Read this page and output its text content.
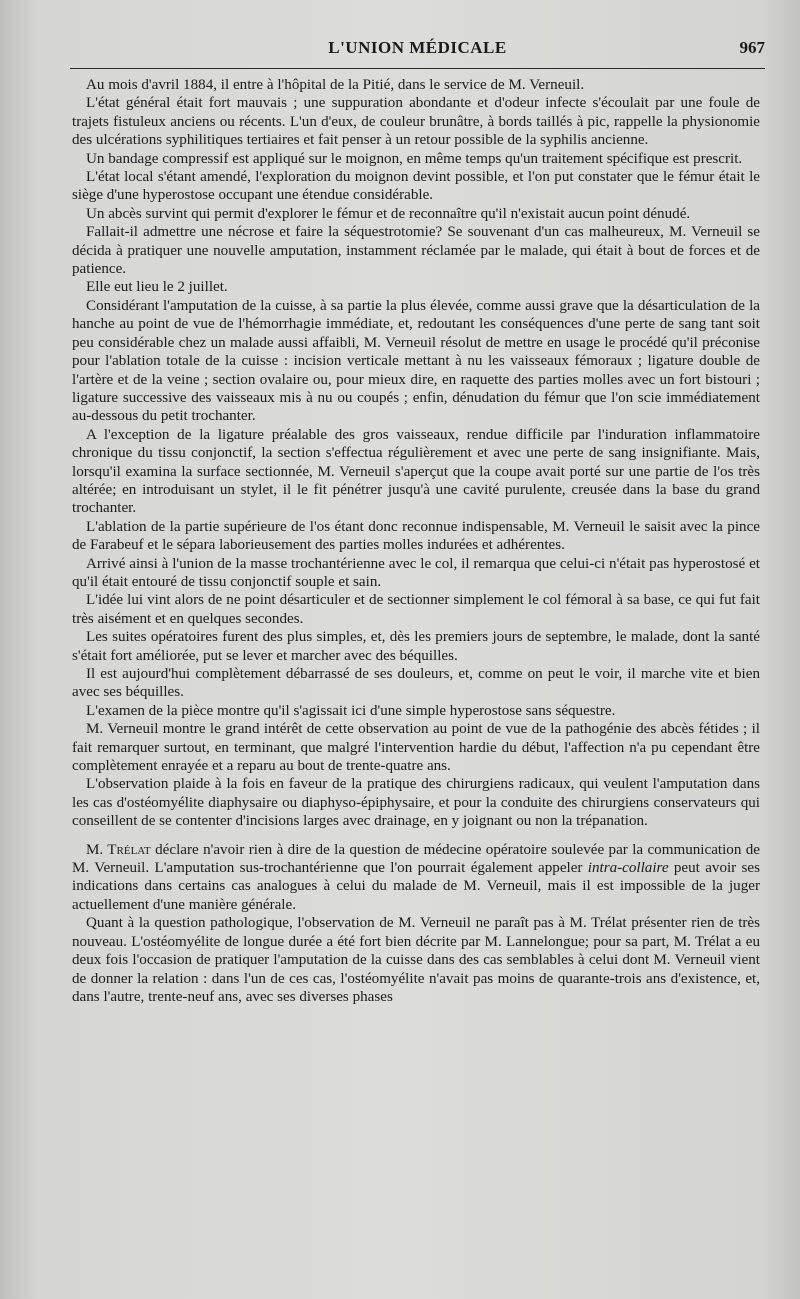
L'UNION MÉDICALE	967

Au mois d'avril 1884, il entre à l'hôpital de la Pitié, dans le service de M. Verneuil.

L'état général était fort mauvais ; une suppuration abondante et d'odeur infecte s'écoulait par une foule de trajets fistuleux anciens ou récents. L'un d'eux, de couleur brunâtre, à bords taillés à pic, rappelle la physionomie des ulcérations syphilitiques tertiaires et fait penser à un retour possible de la syphilis ancienne.

Un bandage compressif est appliqué sur le moignon, en même temps qu'un traitement spécifique est prescrit.

L'état local s'étant amendé, l'exploration du moignon devint possible, et l'on put constater que le fémur était le siège d'une hyperostose occupant une étendue considérable.

Un abcès survint qui permit d'explorer le fémur et de reconnaître qu'il n'existait aucun point dénudé.

Fallait-il admettre une nécrose et faire la séquestrotomie? Se souvenant d'un cas malheureux, M. Verneuil se décida à pratiquer une nouvelle amputation, instamment réclamée par le malade, qui était à bout de forces et de patience.

Elle eut lieu le 2 juillet.

Considérant l'amputation de la cuisse, à sa partie la plus élevée, comme aussi grave que la désarticulation de la hanche au point de vue de l'hémorrhagie immédiate, et, redoutant les conséquences d'une perte de sang tant soit peu considérable chez un malade aussi affaibli, M. Verneuil résolut de mettre en usage le procédé qu'il préconise pour l'ablation totale de la cuisse : incision verticale mettant à nu les vaisseaux fémoraux ; ligature double de l'artère et de la veine ; section ovalaire ou, pour mieux dire, en raquette des parties molles avec un fort bistouri ; ligature successive des vaisseaux mis à nu ou coupés ; enfin, dénudation du fémur que l'on scie immédiatement au-dessous du petit trochanter.

A l'exception de la ligature préalable des gros vaisseaux, rendue difficile par l'induration inflammatoire chronique du tissu conjonctif, la section s'effectua régulièrement et avec une perte de sang insignifiante. Mais, lorsqu'il examina la surface sectionnée, M. Verneuil s'aperçut que la coupe avait porté sur une partie de l'os très altérée; en introduisant un stylet, il le fit pénétrer jusqu'à une cavité purulente, creusée dans la base du grand trochanter.

L'ablation de la partie supérieure de l'os étant donc reconnue indispensable, M. Verneuil le saisit avec la pince de Farabeuf et le sépara laborieusement des parties molles indurées et adhérentes.

Arrivé ainsi à l'union de la masse trochantérienne avec le col, il remarqua que celui-ci n'était pas hyperostosé et qu'il était entouré de tissu conjonctif souple et sain.

L'idée lui vint alors de ne point désarticuler et de sectionner simplement le col fémoral à sa base, ce qui fut fait très aisément et en quelques secondes.

Les suites opératoires furent des plus simples, et, dès les premiers jours de septembre, le malade, dont la santé s'était fort améliorée, put se lever et marcher avec des béquilles.

Il est aujourd'hui complètement débarrassé de ses douleurs, et, comme on peut le voir, il marche vite et bien avec ses béquilles.

L'examen de la pièce montre qu'il s'agissait ici d'une simple hyperostose sans séquestre.

M. Verneuil montre le grand intérêt de cette observation au point de vue de la pathogénie des abcès fétides ; il fait remarquer surtout, en terminant, que malgré l'intervention hardie du début, l'affection n'a pu cependant être complètement enrayée et a reparu au bout de trente-quatre ans.

L'observation plaide à la fois en faveur de la pratique des chirurgiens radicaux, qui veulent l'amputation dans les cas d'ostéomyélite diaphysaire ou diaphyso-épiphysaire, et pour la conduite des chirurgiens conservateurs qui conseillent de se contenter d'incisions larges avec drainage, en y joignant ou non la trépanation.

M. Trélat déclare n'avoir rien à dire de la question de médecine opératoire soulevée par la communication de M. Verneuil. L'amputation sus-trochantérienne que l'on pourrait également appeler intra-collaire peut avoir ses indications dans certains cas analogues à celui du malade de M. Verneuil, mais il est impossible de la juger actuellement d'une manière générale.

Quant à la question pathologique, l'observation de M. Verneuil ne paraît pas à M. Trélat présenter rien de très nouveau. L'ostéomyélite de longue durée a été fort bien décrite par M. Lannelongue; pour sa part, M. Trélat a eu deux fois l'occasion de pratiquer l'amputation de la cuisse dans des cas semblables à celui dont M. Verneuil vient de donner la relation : dans l'un de ces cas, l'ostéomyélite n'avait pas moins de quarante-trois ans d'existence, et, dans l'autre, trente-neuf ans, avec ses diverses phases
